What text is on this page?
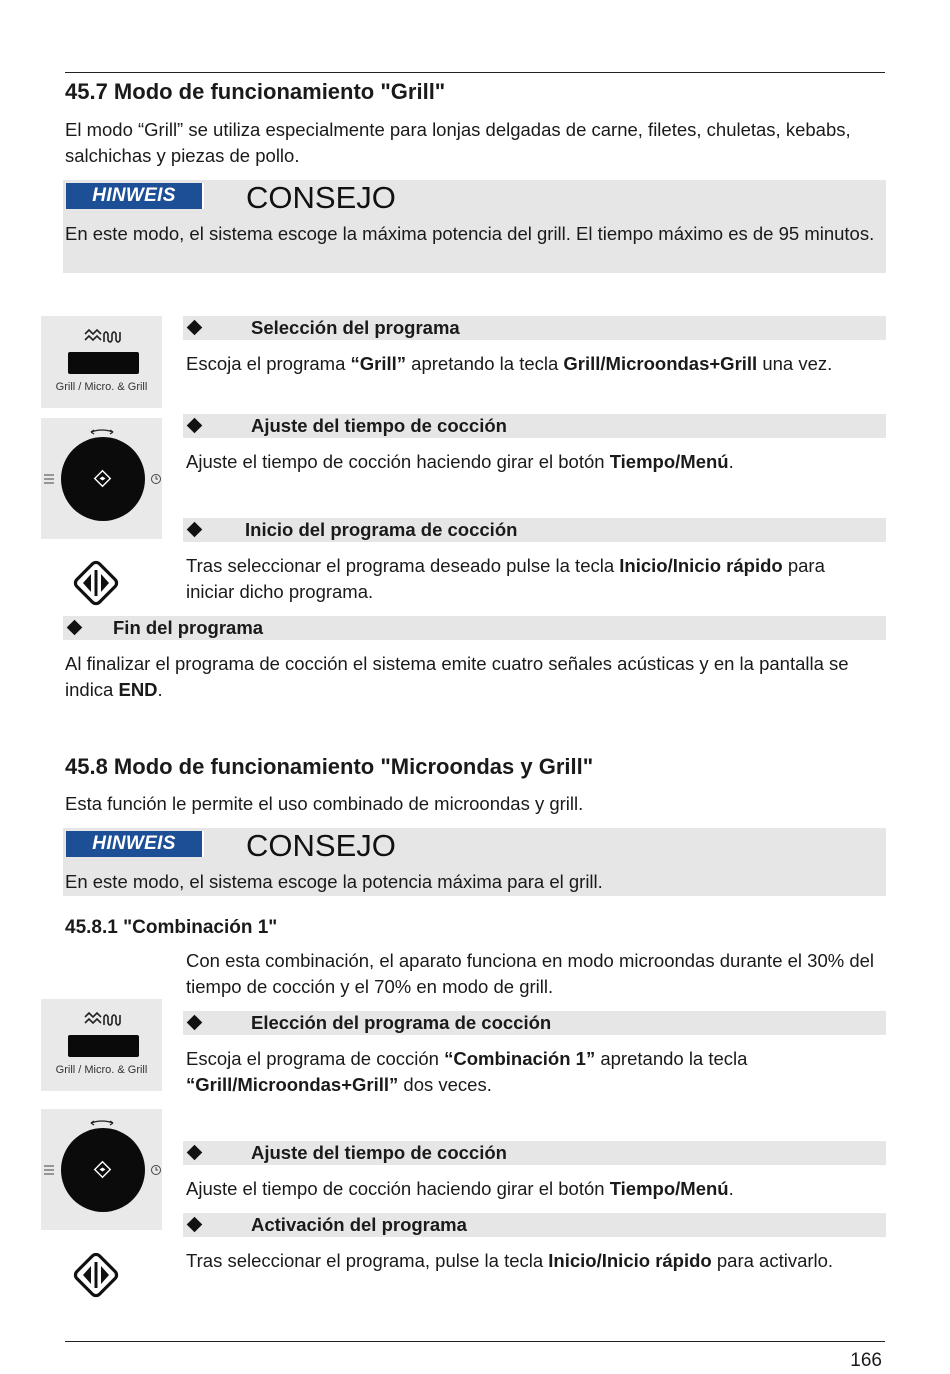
45.7 Modo de funcionamiento "Grill"
El modo “Grill” se utiliza especialmente para lonjas delgadas de carne, filetes, chuletas, kebabs, salchichas y piezas de pollo.
HINWEIS	CONSEJO
En este modo, el sistema escoge la máxima potencia del grill. El tiempo máximo es de 95 minutos.
Grill / Micro. & Grill
Selección del programa
Escoja el programa “Grill” apretando la tecla Grill/Microondas+Grill una vez.
Ajuste del tiempo de cocción
Ajuste el tiempo de cocción haciendo girar el botón Tiempo/Menú.
Inicio del programa de cocción
Tras seleccionar el programa deseado pulse la tecla Inicio/Inicio rápido para iniciar dicho programa.
Fin del programa
Al finalizar el programa de cocción el sistema emite cuatro señales acústicas y en la pantalla se indica END.
45.8 Modo de funcionamiento "Microondas y Grill"
Esta función le permite el uso combinado de microondas y grill.
HINWEIS	CONSEJO
En este modo, el sistema escoge la potencia máxima para el grill.
45.8.1 "Combinación 1"
Con esta combinación, el aparato funciona en modo microondas durante el 30% del tiempo de cocción y el 70% en modo de grill.
Grill / Micro. & Grill
Elección del programa de cocción
Escoja el programa de cocción “Combinación 1” apretando la tecla “Grill/Microondas+Grill” dos veces.
Ajuste del tiempo de cocción
Ajuste el tiempo de cocción haciendo girar el botón Tiempo/Menú.
Activación del programa
Tras seleccionar el programa, pulse la tecla Inicio/Inicio rápido para activarlo.
166
